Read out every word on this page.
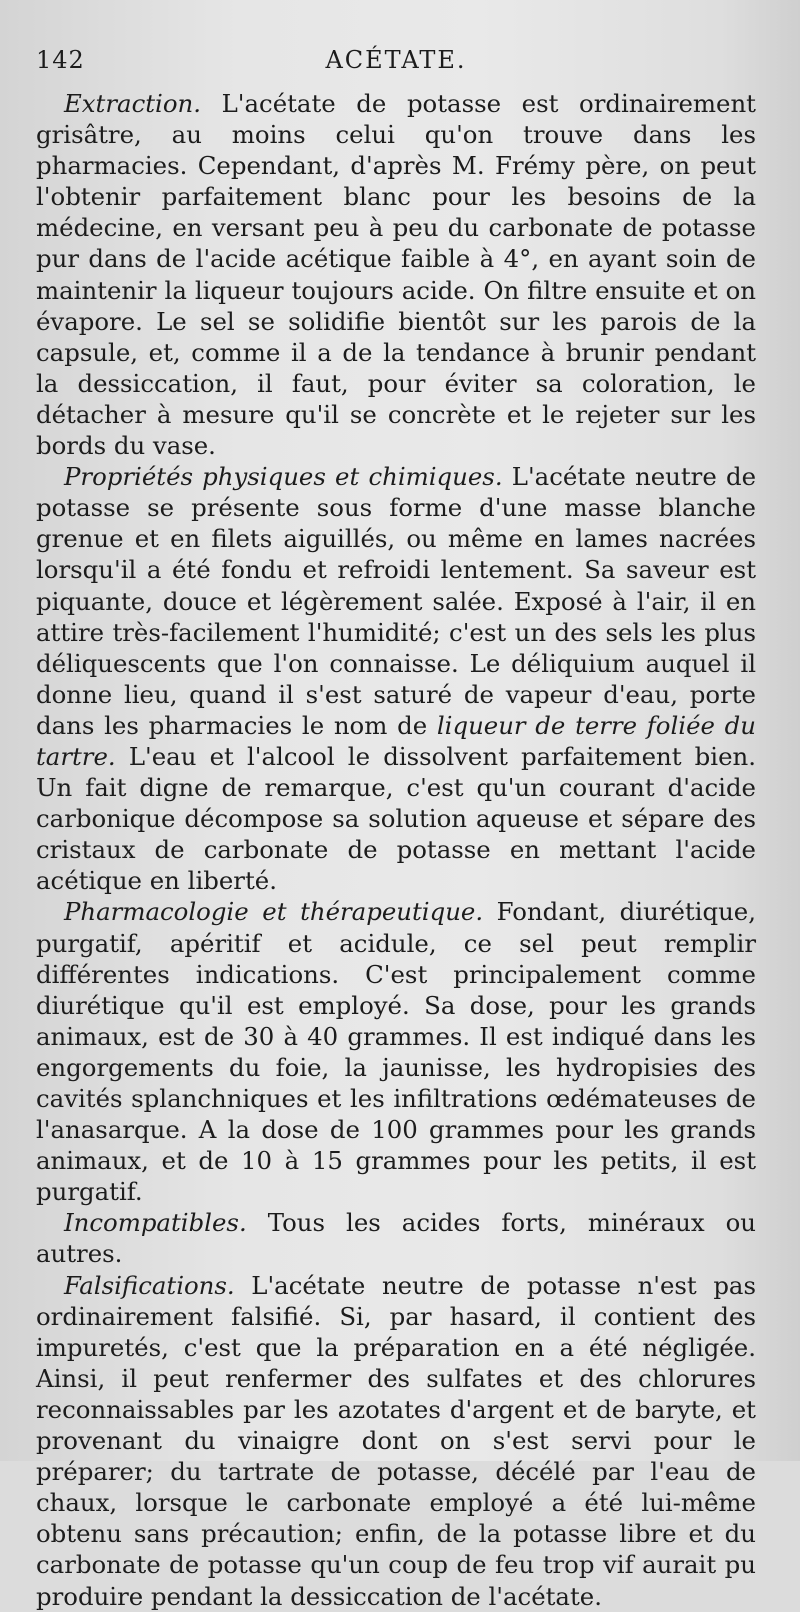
142	ACÉTATE.

Extraction. L'acétate de potasse est ordinairement grisâtre, au moins celui qu'on trouve dans les pharmacies. Cependant, d'après M. Frémy père, on peut l'obtenir parfaitement blanc pour les besoins de la médecine, en versant peu à peu du carbonate de potasse pur dans de l'acide acétique faible à 4°, en ayant soin de maintenir la liqueur toujours acide. On filtre ensuite et on évapore. Le sel se solidifie bientôt sur les parois de la capsule, et, comme il a de la tendance à brunir pendant la dessiccation, il faut, pour éviter sa coloration, le détacher à mesure qu'il se concrète et le rejeter sur les bords du vase.

Propriétés physiques et chimiques. L'acétate neutre de potasse se présente sous forme d'une masse blanche grenue et en filets aiguillés, ou même en lames nacrées lorsqu'il a été fondu et refroidi lentement. Sa saveur est piquante, douce et légèrement salée. Exposé à l'air, il en attire très-facilement l'humidité; c'est un des sels les plus déliquescents que l'on connaisse. Le déliquium auquel il donne lieu, quand il s'est saturé de vapeur d'eau, porte dans les pharmacies le nom de liqueur de terre foliée du tartre. L'eau et l'alcool le dissolvent parfaitement bien. Un fait digne de remarque, c'est qu'un courant d'acide carbonique décompose sa solution aqueuse et sépare des cristaux de carbonate de potasse en mettant l'acide acétique en liberté.

Pharmacologie et thérapeutique. Fondant, diurétique, purgatif, apéritif et acidule, ce sel peut remplir différentes indications. C'est principalement comme diurétique qu'il est employé. Sa dose, pour les grands animaux, est de 30 à 40 grammes. Il est indiqué dans les engorgements du foie, la jaunisse, les hydropisies des cavités splanchniques et les infiltrations œdémateuses de l'anasarque. A la dose de 100 grammes pour les grands animaux, et de 10 à 15 grammes pour les petits, il est purgatif.

Incompatibles. Tous les acides forts, minéraux ou autres.

Falsifications. L'acétate neutre de potasse n'est pas ordinairement falsifié. Si, par hasard, il contient des impuretés, c'est que la préparation en a été négligée. Ainsi, il peut renfermer des sulfates et des chlorures reconnaissables par les azotates d'argent et de baryte, et provenant du vinaigre dont on s'est servi pour le préparer; du tartrate de potasse, décélé par l'eau de chaux, lorsque le carbonate employé a été lui-même obtenu sans précaution; enfin, de la potasse libre et du carbonate de potasse qu'un coup de feu trop vif aurait pu produire pendant la dessiccation de l'acétate.
